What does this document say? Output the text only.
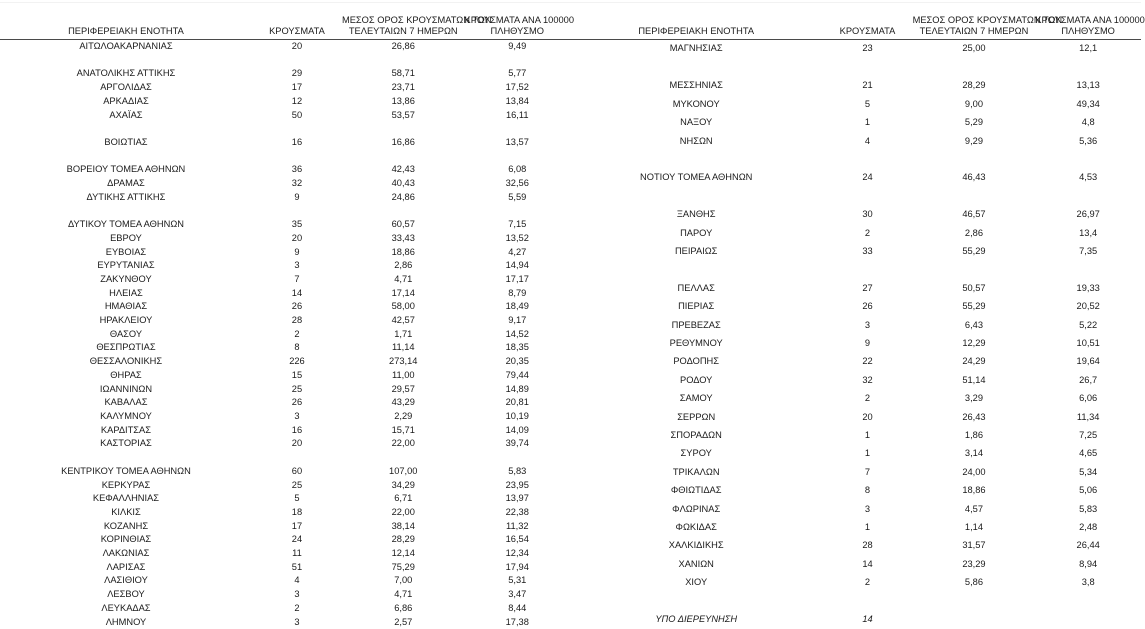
ΠΕΡΙΦΕΡΕΙΑΚΗ ΕΝΟΤΗΤΑ	ΚΡΟΥΣΜΑΤΑ	ΜΕΣΟΣ ΟΡΟΣ ΚΡΟΥΣΜΑΤΩΝ ΤΩΝ
ΤΕΛΕΥΤΑΙΩΝ 7 ΗΜΕΡΩΝ	ΚΡΟΥΣΜΑΤΑ ΑΝΑ 100000
ΠΛΗΘΥΣΜΟ

ΑΙΤΩΛΟΑΚΑΡΝΑΝΙΑΣ	20	26,86	9,49

ΑΝΑΤΟΛΙΚΗΣ ΑΤΤΙΚΗΣ	29	58,71	5,77
ΑΡΓΟΛΙΔΑΣ	17	23,71	17,52
ΑΡΚΑΔΙΑΣ	12	13,86	13,84
ΑΧΑΪΑΣ	50	53,57	16,11

ΒΟΙΩΤΙΑΣ	16	16,86	13,57

ΒΟΡΕΙΟΥ ΤΟΜΕΑ ΑΘΗΝΩΝ	36	42,43	6,08
ΔΡΑΜΑΣ	32	40,43	32,56
ΔΥΤΙΚΗΣ ΑΤΤΙΚΗΣ	9	24,86	5,59

ΔΥΤΙΚΟΥ ΤΟΜΕΑ ΑΘΗΝΩΝ	35	60,57	7,15
ΕΒΡΟΥ	20	33,43	13,52
ΕΥΒΟΙΑΣ	9	18,86	4,27
ΕΥΡΥΤΑΝΙΑΣ	3	2,86	14,94
ΖΑΚΥΝΘΟΥ	7	4,71	17,17
ΗΛΕΙΑΣ	14	17,14	8,79
ΗΜΑΘΙΑΣ	26	58,00	18,49
ΗΡΑΚΛΕΙΟΥ	28	42,57	9,17
ΘΑΣΟΥ	2	1,71	14,52
ΘΕΣΠΡΩΤΙΑΣ	8	11,14	18,35
ΘΕΣΣΑΛΟΝΙΚΗΣ	226	273,14	20,35
ΘΗΡΑΣ	15	11,00	79,44
ΙΩΑΝΝΙΝΩΝ	25	29,57	14,89
ΚΑΒΑΛΑΣ	26	43,29	20,81
ΚΑΛΥΜΝΟΥ	3	2,29	10,19
ΚΑΡΔΙΤΣΑΣ	16	15,71	14,09
ΚΑΣΤΟΡΙΑΣ	20	22,00	39,74

ΚΕΝΤΡΙΚΟΥ ΤΟΜΕΑ ΑΘΗΝΩΝ	60	107,00	5,83
ΚΕΡΚΥΡΑΣ	25	34,29	23,95
ΚΕΦΑΛΛΗΝΙΑΣ	5	6,71	13,97
ΚΙΛΚΙΣ	18	22,00	22,38
ΚΟΖΑΝΗΣ	17	38,14	11,32
ΚΟΡΙΝΘΙΑΣ	24	28,29	16,54
ΛΑΚΩΝΙΑΣ	11	12,14	12,34
ΛΑΡΙΣΑΣ	51	75,29	17,94
ΛΑΣΙΘΙΟΥ	4	7,00	5,31
ΛΕΣΒΟΥ	3	4,71	3,47
ΛΕΥΚΑΔΑΣ	2	6,86	8,44
ΛΗΜΝΟΥ	3	2,57	17,38
ΠΕΡΙΦΕΡΕΙΑΚΗ ΕΝΟΤΗΤΑ	ΚΡΟΥΣΜΑΤΑ	ΜΕΣΟΣ ΟΡΟΣ ΚΡΟΥΣΜΑΤΩΝ ΤΩΝ
ΤΕΛΕΥΤΑΙΩΝ 7 ΗΜΕΡΩΝ	ΚΡΟΥΣΜΑΤΑ ΑΝΑ 100000
ΠΛΗΘΥΣΜΟ

ΜΑΓΝΗΣΙΑΣ	23	25,00	12,1

ΜΕΣΣΗΝΙΑΣ	21	28,29	13,13
ΜΥΚΟΝΟΥ	5	9,00	49,34
ΝΑΞΟΥ	1	5,29	4,8
ΝΗΣΩΝ	4	9,29	5,36

ΝΟΤΙΟΥ ΤΟΜΕΑ ΑΘΗΝΩΝ	24	46,43	4,53

ΞΑΝΘΗΣ	30	46,57	26,97
ΠΑΡΟΥ	2	2,86	13,4
ΠΕΙΡΑΙΩΣ	33	55,29	7,35

ΠΕΛΛΑΣ	27	50,57	19,33
ΠΙΕΡΙΑΣ	26	55,29	20,52
ΠΡΕΒΕΖΑΣ	3	6,43	5,22
ΡΕΘΥΜΝΟΥ	9	12,29	10,51
ΡΟΔΟΠΗΣ	22	24,29	19,64
ΡΟΔΟΥ	32	51,14	26,7
ΣΑΜΟΥ	2	3,29	6,06
ΣΕΡΡΩΝ	20	26,43	11,34
ΣΠΟΡΑΔΩΝ	1	1,86	7,25
ΣΥΡΟΥ	1	3,14	4,65
ΤΡΙΚΑΛΩΝ	7	24,00	5,34
ΦΘΙΩΤΙΔΑΣ	8	18,86	5,06
ΦΛΩΡΙΝΑΣ	3	4,57	5,83
ΦΩΚΙΔΑΣ	1	1,14	2,48
ΧΑΛΚΙΔΙΚΗΣ	28	31,57	26,44
ΧΑΝΙΩΝ	14	23,29	8,94
ΧΙΟΥ	2	5,86	3,8

ΥΠΟ ΔΙΕΡΕΥΝΗΣΗ	14		
